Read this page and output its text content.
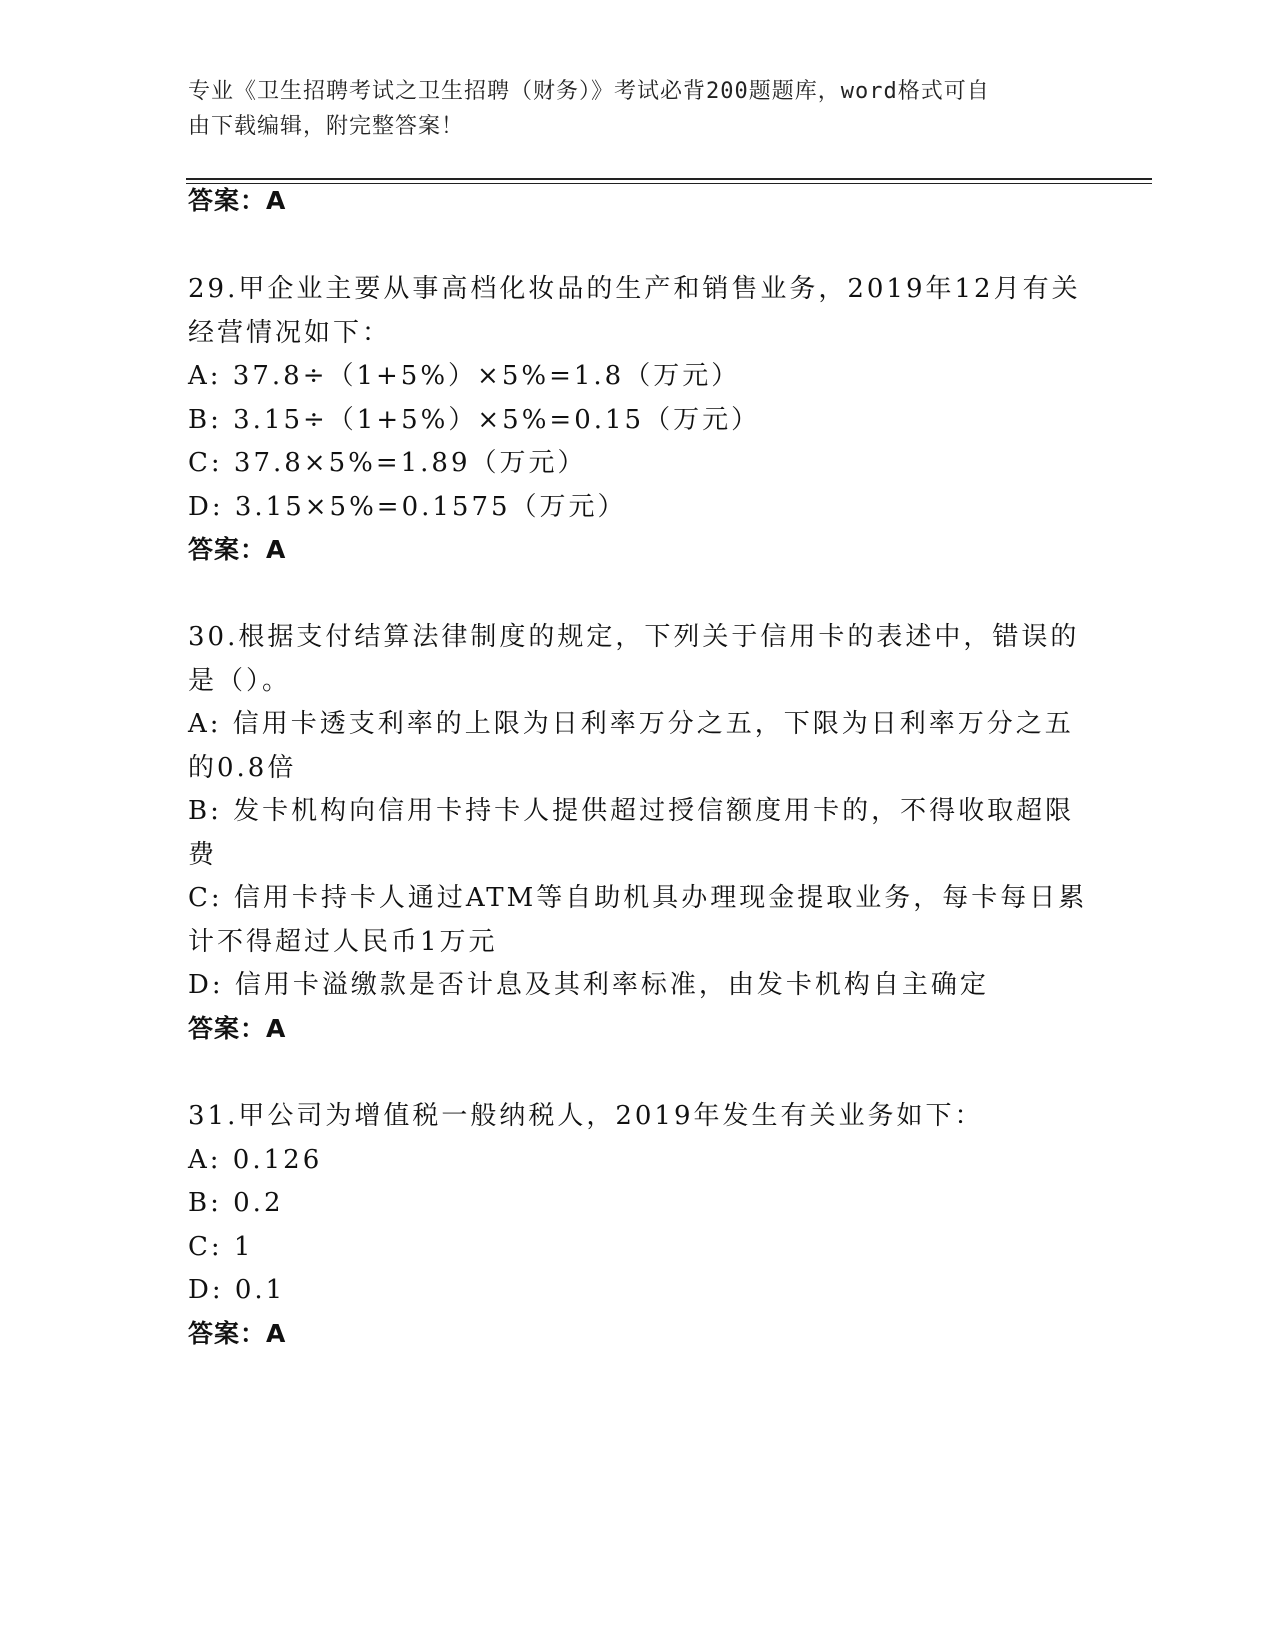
专业《卫生招聘考试之卫生招聘（财务）》考试必背200题题库，word格式可自
由下载编辑，附完整答案！
答案：A
29.甲企业主要从事高档化妆品的生产和销售业务，2019年12月有关
经营情况如下：
A: 37.8÷（1+5%）×5%=1.8（万元）
B: 3.15÷（1+5%）×5%=0.15（万元）
C: 37.8×5%=1.89（万元）
D: 3.15×5%=0.1575（万元）
答案：A
30.根据支付结算法律制度的规定，下列关于信用卡的表述中，错误的
是（）。
A: 信用卡透支利率的上限为日利率万分之五，下限为日利率万分之五
的0.8倍
B: 发卡机构向信用卡持卡人提供超过授信额度用卡的，不得收取超限
费
C: 信用卡持卡人通过ATM等自助机具办理现金提取业务，每卡每日累
计不得超过人民币1万元
D: 信用卡溢缴款是否计息及其利率标准，由发卡机构自主确定
答案：A
31.甲公司为增值税一般纳税人，2019年发生有关业务如下：
A: 0.126
B: 0.2
C: 1
D: 0.1
答案：A
